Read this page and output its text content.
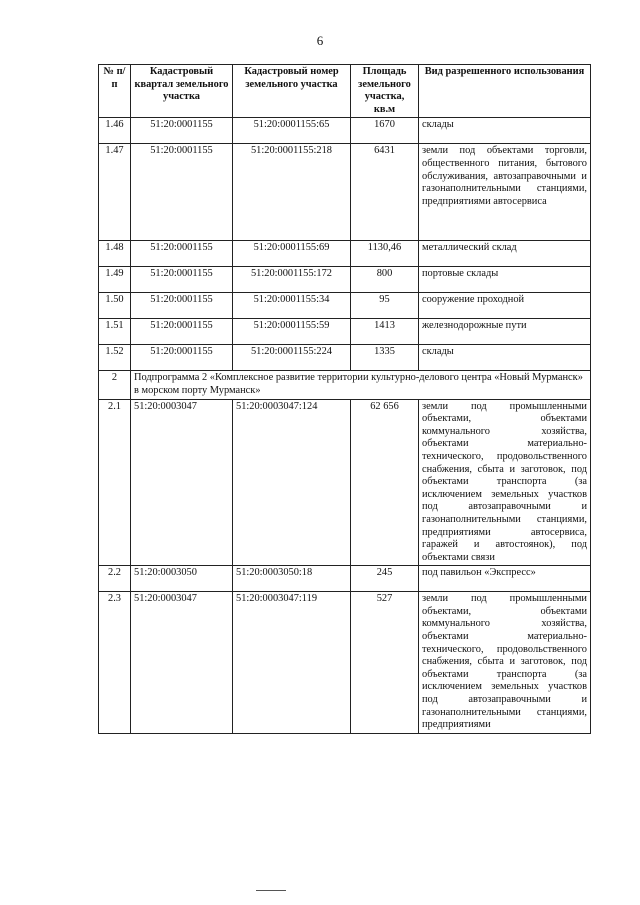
6
№ п/п	Кадастровый квартал земельного участка	Кадастровый номер земельного участка	Площадь земельного участка, кв.м	Вид разрешенного использования
1.46	51:20:0001155	51:20:0001155:65	1670	склады
1.47	51:20:0001155	51:20:0001155:218	6431	земли под объектами торговли, общественного питания, бытового обслуживания, автозаправочными и газонаполнительными станциями, предприятиями автосервиса
1.48	51:20:0001155	51:20:0001155:69	1130,46	металлический склад
1.49	51:20:0001155	51:20:0001155:172	800	портовые склады
1.50	51:20:0001155	51:20:0001155:34	95	сооружение проходной
1.51	51:20:0001155	51:20:0001155:59	1413	железнодорожные пути
1.52	51:20:0001155	51:20:0001155:224	1335	склады
2	Подпрограмма 2 «Комплексное развитие территории культурно-делового центра «Новый Мурманск» в морском порту Мурманск»			
2.1	51:20:0003047	51:20:0003047:124	62 656	земли под промышленными объектами, объектами коммунального хозяйства, объектами материально-технического, продовольственного снабжения, сбыта и заготовок, под объектами транспорта (за исключением земельных участков под автозаправочными и газонаполнительными станциями, предприятиями автосервиса, гаражей и автостоянок), под объектами связи
2.2	51:20:0003050	51:20:0003050:18	245	под павильон «Экспресс»
2.3	51:20:0003047	51:20:0003047:119	527	земли под промышленными объектами, объектами коммунального хозяйства, объектами материально-технического, продовольственного снабжения, сбыта и заготовок, под объектами транспорта (за исключением земельных участков под автозаправочными и газонаполнительными станциями, предприятиями
